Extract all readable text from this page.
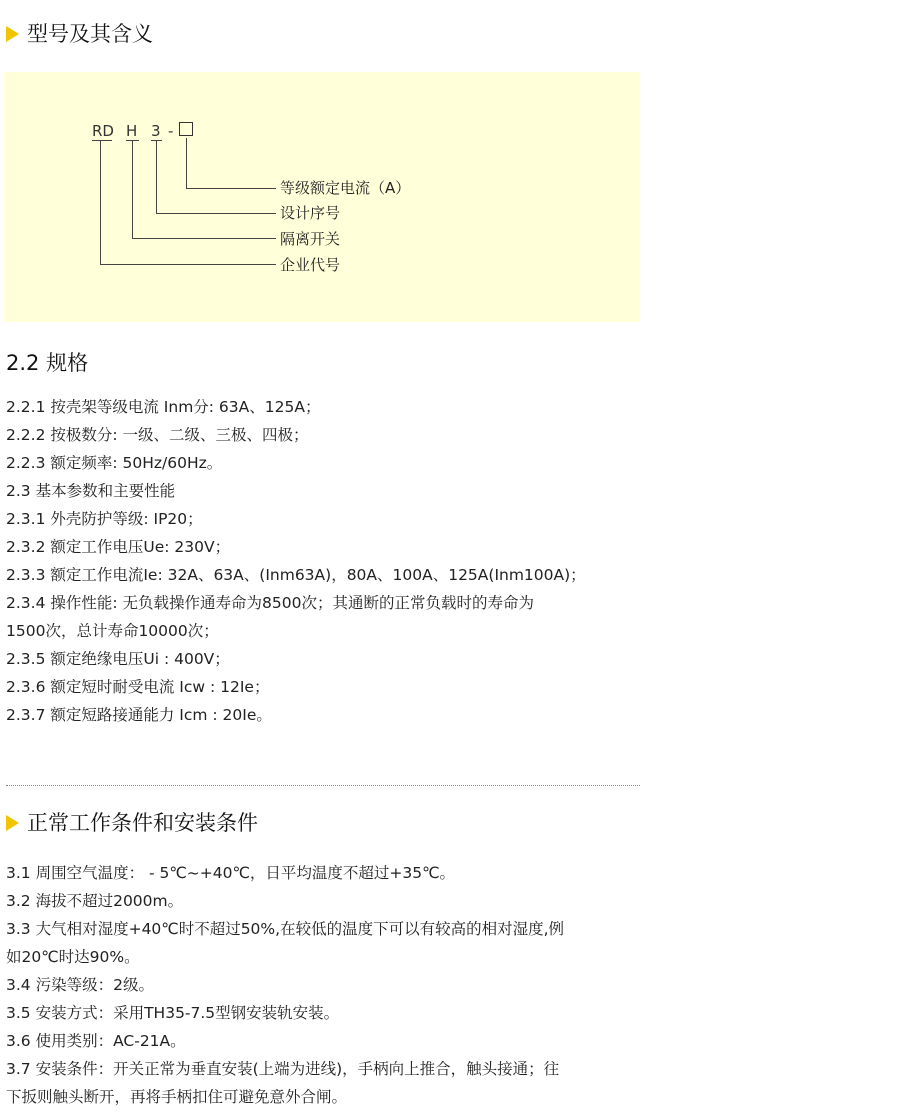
型号及其含义
RD H 3 -
等级额定电流（A）
设计序号
隔离开关
企业代号
2.2 规格
2.2.1 按壳架等级电流 Inm分: 63A、125A；
2.2.2 按极数分: 一级、二级、三极、四极；
2.2.3 额定频率: 50Hz/60Hz。
2.3 基本参数和主要性能
2.3.1 外壳防护等级: IP20；
2.3.2 额定工作电压Ue: 230V；
2.3.3 额定工作电流Ie: 32A、63A、(Inm63A)，80A、100A、125A(Inm100A)；
2.3.4 操作性能: 无负载操作通寿命为8500次；其通断的正常负载时的寿命为
1500次，总计寿命10000次；
2.3.5 额定绝缘电压Ui : 400V；
2.3.6 额定短时耐受电流 Icw : 12Ie；
2.3.7 额定短路接通能力 Icm : 20Ie。
正常工作条件和安装条件
3.1 周围空气温度： - 5℃~+40℃，日平均温度不超过+35℃。
3.2 海拔不超过2000m。
3.3 大气相对湿度+40℃时不超过50%,在较低的温度下可以有较高的相对湿度,例
如20℃时达90%。
3.4 污染等级：2级。
3.5 安装方式：采用TH35-7.5型钢安装轨安装。
3.6 使用类别：AC-21A。
3.7 安装条件：开关正常为垂直安装(上端为进线)，手柄向上推合，触头接通；往
下扳则触头断开，再将手柄扣住可避免意外合闸。
